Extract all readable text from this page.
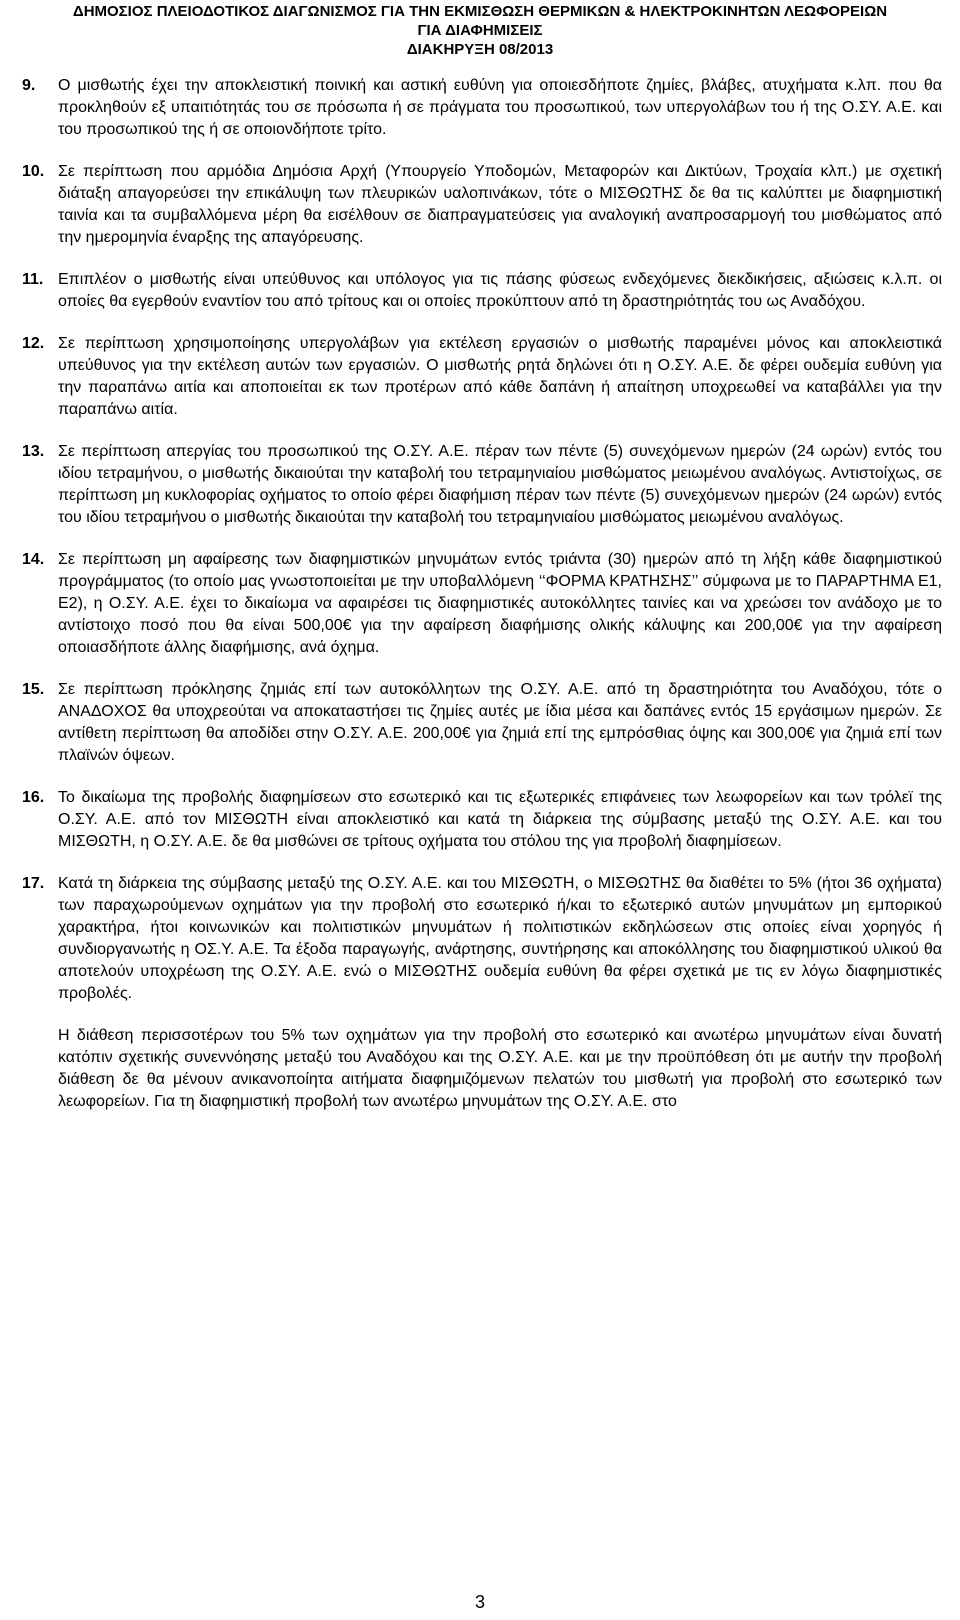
ΔΗΜΟΣΙΟΣ ΠΛΕΙΟΔΟΤΙΚΟΣ ΔΙΑΓΩΝΙΣΜΟΣ ΓΙΑ ΤΗΝ ΕΚΜΙΣΘΩΣΗ ΘΕΡΜΙΚΩΝ & ΗΛΕΚΤΡΟΚΙΝΗΤΩΝ ΛΕΩΦΟΡΕΙΩΝ
ΓΙΑ ΔΙΑΦΗΜΙΣΕΙΣ
ΔΙΑΚΗΡΥΞΗ 08/2013
9.	Ο μισθωτής έχει την αποκλειστική ποινική και αστική ευθύνη για οποιεσδήποτε ζημίες, βλάβες, ατυχήματα κ.λπ. που θα προκληθούν εξ υπαιτιότητάς του σε πρόσωπα ή σε πράγματα του προσωπικού, των υπεργολάβων του ή της Ο.ΣΥ. Α.Ε. και του προσωπικού της ή σε οποιονδήποτε τρίτο.
10. Σε περίπτωση που αρμόδια Δημόσια Αρχή (Υπουργείο Υποδομών, Μεταφορών και Δικτύων, Τροχαία κλπ.) με σχετική διάταξη απαγορεύσει την επικάλυψη των πλευρικών υαλοπινάκων, τότε ο ΜΙΣΘΩΤΗΣ δε θα τις καλύπτει με διαφημιστική ταινία και τα συμβαλλόμενα μέρη θα εισέλθουν σε διαπραγματεύσεις για αναλογική αναπροσαρμογή του μισθώματος από την ημερομηνία έναρξης της απαγόρευσης.
11. Επιπλέον ο μισθωτής είναι υπεύθυνος και υπόλογος για τις πάσης φύσεως ενδεχόμενες διεκδικήσεις, αξιώσεις κ.λ.π. οι οποίες θα εγερθούν εναντίον του από τρίτους και οι οποίες προκύπτουν από τη δραστηριότητάς του ως Αναδόχου.
12. Σε περίπτωση χρησιμοποίησης υπεργολάβων για εκτέλεση εργασιών ο μισθωτής παραμένει μόνος και αποκλειστικά υπεύθυνος για την εκτέλεση αυτών των εργασιών. Ο μισθωτής ρητά δηλώνει ότι η Ο.ΣΥ. Α.Ε. δε φέρει ουδεμία ευθύνη για την παραπάνω αιτία και αποποιείται εκ των προτέρων από κάθε δαπάνη ή απαίτηση υποχρεωθεί να καταβάλλει για την παραπάνω αιτία.
13. Σε περίπτωση απεργίας του προσωπικού της Ο.ΣΥ. Α.Ε. πέραν των πέντε (5) συνεχόμενων ημερών (24 ωρών) εντός του ιδίου τετραμήνου, ο μισθωτής δικαιούται την καταβολή του τετραμηνιαίου μισθώματος μειωμένου αναλόγως. Αντιστοίχως, σε περίπτωση μη κυκλοφορίας οχήματος το οποίο φέρει διαφήμιση πέραν των πέντε (5) συνεχόμενων ημερών (24 ωρών) εντός του ιδίου τετραμήνου ο μισθωτής δικαιούται την καταβολή του τετραμηνιαίου μισθώματος μειωμένου αναλόγως.
14. Σε περίπτωση μη αφαίρεσης των διαφημιστικών μηνυμάτων εντός τριάντα (30) ημερών από τη λήξη κάθε διαφημιστικού προγράμματος (το οποίο μας γνωστοποιείται με την υποβαλλόμενη ‘‘ΦΟΡΜΑ ΚΡΑΤΗΣΗΣ’’ σύμφωνα με το ΠΑΡΑΡΤΗΜΑ Ε1, Ε2), η Ο.ΣΥ. Α.Ε. έχει το δικαίωμα να αφαιρέσει τις διαφημιστικές αυτοκόλλητες ταινίες και να χρεώσει τον ανάδοχο με το αντίστοιχο ποσό που θα είναι 500,00€ για την αφαίρεση διαφήμισης ολικής κάλυψης και 200,00€ για την αφαίρεση οποιασδήποτε άλλης διαφήμισης, ανά όχημα.
15. Σε περίπτωση πρόκλησης ζημιάς επί των αυτοκόλλητων της Ο.ΣΥ. Α.Ε. από τη δραστηριότητα του Αναδόχου, τότε ο ΑΝΑΔΟΧΟΣ θα υποχρεούται να αποκαταστήσει τις ζημίες αυτές με ίδια μέσα και δαπάνες εντός 15 εργάσιμων ημερών. Σε αντίθετη περίπτωση θα αποδίδει στην Ο.ΣΥ. Α.Ε. 200,00€ για ζημιά επί της εμπρόσθιας όψης και 300,00€ για ζημιά επί των πλαϊνών όψεων.
16. Το δικαίωμα της προβολής διαφημίσεων στο εσωτερικό και τις εξωτερικές επιφάνειες των λεωφορείων και των τρόλεϊ της Ο.ΣΥ. Α.Ε. από τον ΜΙΣΘΩΤΗ είναι αποκλειστικό και κατά τη διάρκεια της σύμβασης μεταξύ της Ο.ΣΥ. Α.Ε. και του ΜΙΣΘΩΤΗ, η Ο.ΣΥ. Α.Ε. δε θα μισθώνει σε τρίτους οχήματα του στόλου της για προβολή διαφημίσεων.
17. Κατά τη διάρκεια της σύμβασης μεταξύ της Ο.ΣΥ. Α.Ε. και του ΜΙΣΘΩΤΗ, ο ΜΙΣΘΩΤΗΣ θα διαθέτει το 5% (ήτοι 36 οχήματα) των παραχωρούμενων οχημάτων για την προβολή στο εσωτερικό ή/και το εξωτερικό αυτών μηνυμάτων μη εμπορικού χαρακτήρα, ήτοι κοινωνικών και πολιτιστικών μηνυμάτων ή πολιτιστικών εκδηλώσεων στις οποίες είναι χορηγός ή συνδιοργανωτής η ΟΣ.Υ. Α.Ε. Τα έξοδα παραγωγής, ανάρτησης, συντήρησης και αποκόλλησης του διαφημιστικού υλικού θα αποτελούν υποχρέωση της Ο.ΣΥ. Α.Ε. ενώ ο ΜΙΣΘΩΤΗΣ ουδεμία ευθύνη θα φέρει σχετικά με τις εν λόγω διαφημιστικές προβολές.
Η διάθεση περισσοτέρων του 5% των οχημάτων για την προβολή στο εσωτερικό και ανωτέρω μηνυμάτων είναι δυνατή κατόπιν σχετικής συνεννόησης μεταξύ του Αναδόχου και της Ο.ΣΥ. Α.Ε. και με την προϋπόθεση ότι με αυτήν την προβολή διάθεση δε θα μένουν ανικανοποίητα αιτήματα διαφημιζόμενων πελατών του μισθωτή για προβολή στο εσωτερικό των λεωφορείων. Για τη διαφημιστική προβολή των ανωτέρω μηνυμάτων της Ο.ΣΥ. Α.Ε. στο
3
